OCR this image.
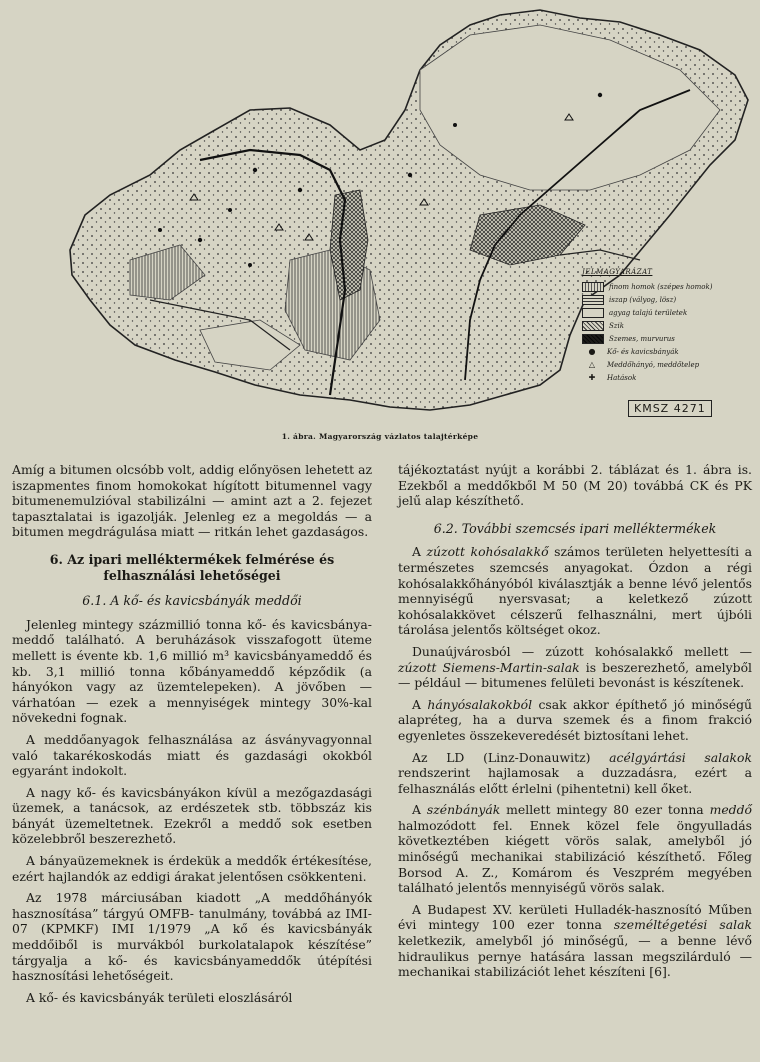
JELMAGYARÁZAT
finom homok (szépes homok)
iszap (vályog, lösz)
agyag talajú területek
Szik
Szemes, murvurus
●	Kő- és kavicsbányák
△	Meddőhányó, meddőtelep
✚	Hatások
KMSZ 4271
1. ábra. Magyarország vázlatos talajtérképe

Amíg a bitumen olcsóbb volt, addig előnyösen lehetett az iszapmentes finom homokokat hígított bitumennel vagy bitumenemulzióval stabilizálni — amint azt a 2. fejezet tapasztalatai is igazolják. Jelenleg ez a megoldás — a bitumen megdrágulása miatt — ritkán lehet gazdaságos.

6. Az ipari melléktermékek felmérése és felhasználási lehetőségei
6.1. A kő- és kavicsbányák meddői

Jelenleg mintegy százmillió tonna kő- és kavicsbánya-meddő található. A beruházások visszafogott üteme mellett is évente kb. 1,6 millió m³ kavicsbányameddő és kb. 3,1 millió tonna kőbányameddő képződik (a hányókon vagy az üzemtelepeken). A jövőben — várhatóan — ezek a mennyiségek mintegy 30%-kal növekedni fognak.

A meddőanyagok felhasználása az ásványvagyonnal való takarékoskodás miatt és gazdasági okokból egyaránt indokolt.

A nagy kő- és kavicsbányákon kívül a mezőgazdasági üzemek, a tanácsok, az erdészetek stb. többszáz kis bányát üzemeltetnek. Ezekről a meddő sok esetben közelebbről beszerezhető.

A bányaüzemeknek is érdekük a meddők értékesítése, ezért hajlandók az eddigi árakat jelentősen csökkenteni.

Az 1978 márciusában kiadott „A meddőhányók hasznosítása” tárgyú OMFB- tanulmány, továbbá az IMI-07 (KPMKF) IMI 1/1979 „A kő és kavicsbányák meddőiből is murvákból burkolatalapok készítése” tárgyalja a kő- és kavicsbányameddők útépítési hasznosítási lehetőségeit.

A kő- és kavicsbányák területi eloszlásáról

tájékoztatást nyújt a korábbi 2. táblázat és 1. ábra is. Ezekből a meddőkből M 50 (M 20) továbbá CK és PK jelű alap készíthető.

6.2. További szemcsés ipari melléktermékek

A zúzott kohósalakkő számos területen helyettesíti a természetes szemcsés anyagokat. Ózdon a régi kohósalakkőhányóból kiválasztják a benne lévő jelentős mennyiségű nyersvasat; a keletkező zúzott kohósalakkövet célszerű felhasználni, mert újbóli tárolása jelentős költséget okoz.

Dunaújvárosból — zúzott kohósalakkő mellett — zúzott Siemens-Martin-salak is beszerezhető, amelyből — például — bitumenes felületi bevonást is készítenek.

A hányósalakokból csak akkor építhető jó minőségű alapréteg, ha a durva szemek és a finom frakció egyenletes összekeveredését biztosítani lehet.

Az LD (Linz-Donauwitz) acélgyártási salakok rendszerint hajlamosak a duzzadásra, ezért a felhasználás előtt érlelni (pihentetni) kell őket.

A szénbányák mellett mintegy 80 ezer tonna meddő halmozódott fel. Ennek közel fele öngyulladás következtében kiégett vörös salak, amelyből jó minőségű mechanikai stabilizáció készíthető. Főleg Borsod A. Z., Komárom és Veszprém megyében található jelentős mennyiségű vörös salak.

A Budapest XV. kerületi Hulladék-hasznosító Műben évi mintegy 100 ezer tonna személtégetési salak keletkezik, amelyből jó minőségű, — a benne lévő hidraulikus pernye hatására lassan megszilárduló — mechanikai stabilizációt lehet készíteni [6].
